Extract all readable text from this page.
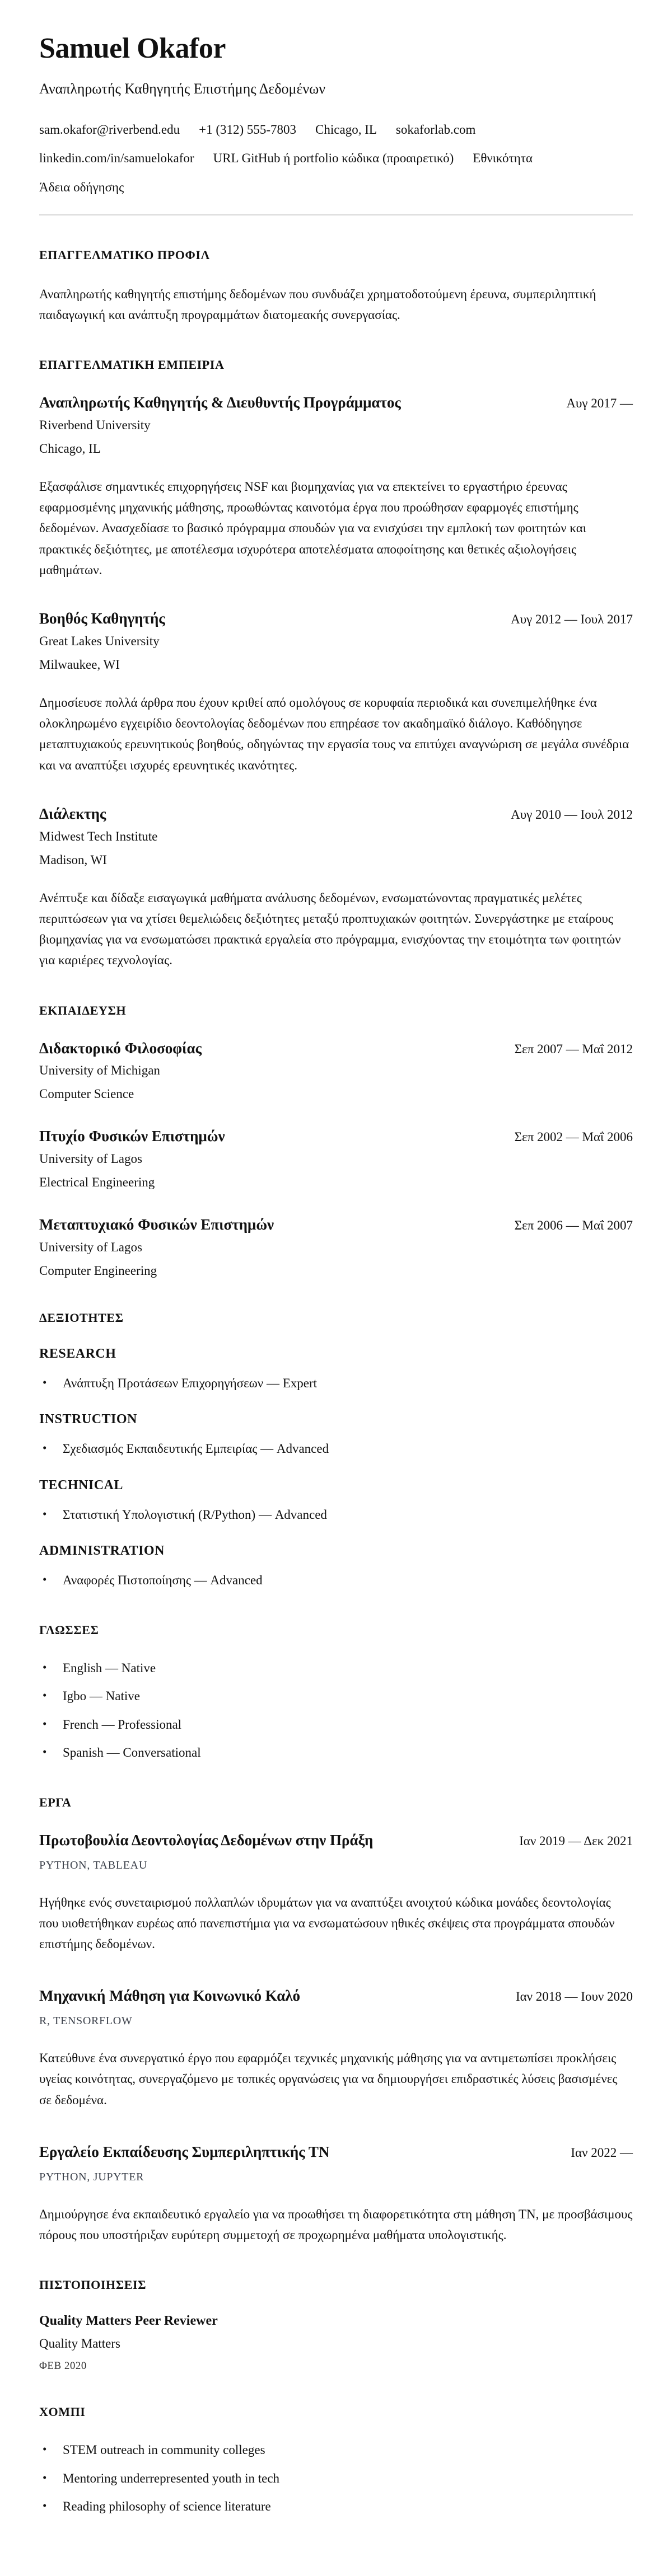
Samuel Okafor
Αναπληρωτής Καθηγητής Επιστήμης Δεδομένων
sam.okafor@riverbend.edu +1 (312) 555-7803 Chicago, IL sokaforlab.com
linkedin.com/in/samuelokafor URL GitHub ή portfolio κώδικα (προαιρετικό) Εθνικότητα
Άδεια οδήγησης
ΕΠΑΓΓΕΛΜΑΤΙΚΟ ΠΡΟΦΙΛ

Αναπληρωτής καθηγητής επιστήμης δεδομένων που συνδυάζει χρηματοδοτούμενη έρευνα, συμπεριληπτική παιδαγωγική και ανάπτυξη προγραμμάτων διατομεακής συνεργασίας.

ΕΠΑΓΓΕΛΜΑΤΙΚΗ ΕΜΠΕΙΡΙΑ
Αναπληρωτής Καθηγητής & Διευθυντής Προγράμματος	Αυγ 2017 —
Riverbend University
Chicago, IL

Εξασφάλισε σημαντικές επιχορηγήσεις NSF και βιομηχανίας για να επεκτείνει το εργαστήριο έρευνας εφαρμοσμένης μηχανικής μάθησης, προωθώντας καινοτόμα έργα που προώθησαν εφαρμογές επιστήμης δεδομένων. Ανασχεδίασε το βασικό πρόγραμμα σπουδών για να ενισχύσει την εμπλοκή των φοιτητών και πρακτικές δεξιότητες, με αποτέλεσμα ισχυρότερα αποτελέσματα αποφοίτησης και θετικές αξιολογήσεις μαθημάτων.

Βοηθός Καθηγητής	Αυγ 2012 — Ιουλ 2017
Great Lakes University
Milwaukee, WI

Δημοσίευσε πολλά άρθρα που έχουν κριθεί από ομολόγους σε κορυφαία περιοδικά και συνεπιμελήθηκε ένα ολοκληρωμένο εγχειρίδιο δεοντολογίας δεδομένων που επηρέασε τον ακαδημαϊκό διάλογο. Καθόδηγησε μεταπτυχιακούς ερευνητικούς βοηθούς, οδηγώντας την εργασία τους να επιτύχει αναγνώριση σε μεγάλα συνέδρια και να αναπτύξει ισχυρές ερευνητικές ικανότητες.

Διάλεκτης	Αυγ 2010 — Ιουλ 2012
Midwest Tech Institute
Madison, WI

Ανέπτυξε και δίδαξε εισαγωγικά μαθήματα ανάλυσης δεδομένων, ενσωματώνοντας πραγματικές μελέτες περιπτώσεων για να χτίσει θεμελιώδεις δεξιότητες μεταξύ προπτυχιακών φοιτητών. Συνεργάστηκε με εταίρους βιομηχανίας για να ενσωματώσει πρακτικά εργαλεία στο πρόγραμμα, ενισχύοντας την ετοιμότητα των φοιτητών για καριέρες τεχνολογίας.

ΕΚΠΑΙΔΕΥΣΗ
Διδακτορικό Φιλοσοφίας	Σεπ 2007 — Μαΐ 2012
University of Michigan
Computer Science
Πτυχίο Φυσικών Επιστημών	Σεπ 2002 — Μαΐ 2006
University of Lagos
Electrical Engineering
Μεταπτυχιακό Φυσικών Επιστημών	Σεπ 2006 — Μαΐ 2007
University of Lagos
Computer Engineering
ΔΕΞΙΟΤΗΤΕΣ
RESEARCH
• Ανάπτυξη Προτάσεων Επιχορηγήσεων — Expert
INSTRUCTION
• Σχεδιασμός Εκπαιδευτικής Εμπειρίας — Advanced
TECHNICAL
• Στατιστική Υπολογιστική (R/Python) — Advanced
ADMINISTRATION
• Αναφορές Πιστοποίησης — Advanced
ΓΛΩΣΣΕΣ
• English — Native
• Igbo — Native
• French — Professional
• Spanish — Conversational
ΕΡΓΑ
Πρωτοβουλία Δεοντολογίας Δεδομένων στην Πράξη	Ιαν 2019 — Δεκ 2021
PYTHON, TABLEAU

Ηγήθηκε ενός συνεταιρισμού πολλαπλών ιδρυμάτων για να αναπτύξει ανοιχτού κώδικα μονάδες δεοντολογίας που υιοθετήθηκαν ευρέως από πανεπιστήμια για να ενσωματώσουν ηθικές σκέψεις στα προγράμματα σπουδών επιστήμης δεδομένων.

Μηχανική Μάθηση για Κοινωνικό Καλό	Ιαν 2018 — Ιουν 2020
R, TENSORFLOW

Κατεύθυνε ένα συνεργατικό έργο που εφαρμόζει τεχνικές μηχανικής μάθησης για να αντιμετωπίσει προκλήσεις υγείας κοινότητας, συνεργαζόμενο με τοπικές οργανώσεις για να δημιουργήσει επιδραστικές λύσεις βασισμένες σε δεδομένα.

Εργαλείο Εκπαίδευσης Συμπεριληπτικής ΤΝ	Ιαν 2022 —
PYTHON, JUPYTER

Δημιούργησε ένα εκπαιδευτικό εργαλείο για να προωθήσει τη διαφορετικότητα στη μάθηση ΤΝ, με προσβάσιμους πόρους που υποστήριξαν ευρύτερη συμμετοχή σε προχωρημένα μαθήματα υπολογιστικής.

ΠΙΣΤΟΠΟΙΗΣΕΙΣ
Quality Matters Peer Reviewer
Quality Matters
ΦΕΒ 2020
ΧΟΜΠΙ
• STEM outreach in community colleges
• Mentoring underrepresented youth in tech
• Reading philosophy of science literature
